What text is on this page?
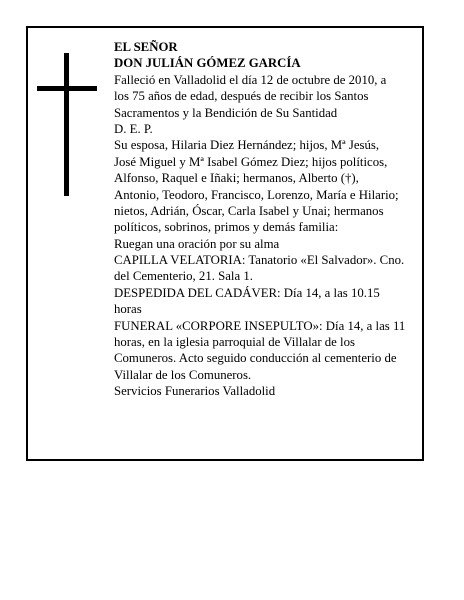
EL SEÑOR
DON JULIÁN GÓMEZ GARCÍA
Falleció en Valladolid el día 12 de octubre de 2010, a
los 75 años de edad, después de recibir los Santos
Sacramentos y la Bendición de Su Santidad
D. E. P.
Su esposa, Hilaria Diez Hernández; hijos, Mª Jesús,
José Miguel y Mª Isabel Gómez Diez; hijos políticos,
Alfonso, Raquel e Iñaki; hermanos, Alberto (†),
Antonio, Teodoro, Francisco, Lorenzo, María e Hilario;
nietos, Adrián, Óscar, Carla Isabel y Unai; hermanos
políticos, sobrinos, primos y demás familia:
Ruegan una oración por su alma
CAPILLA VELATORIA: Tanatorio «El Salvador». Cno.
del Cementerio, 21. Sala 1.
DESPEDIDA DEL CADÁVER: Día 14, a las 10.15
horas
FUNERAL «CORPORE INSEPULTO»: Día 14, a las 11
horas, en la iglesia parroquial de Villalar de los
Comuneros. Acto seguido conducción al cementerio de
Villalar de los Comuneros.
Servicios Funerarios Valladolid
